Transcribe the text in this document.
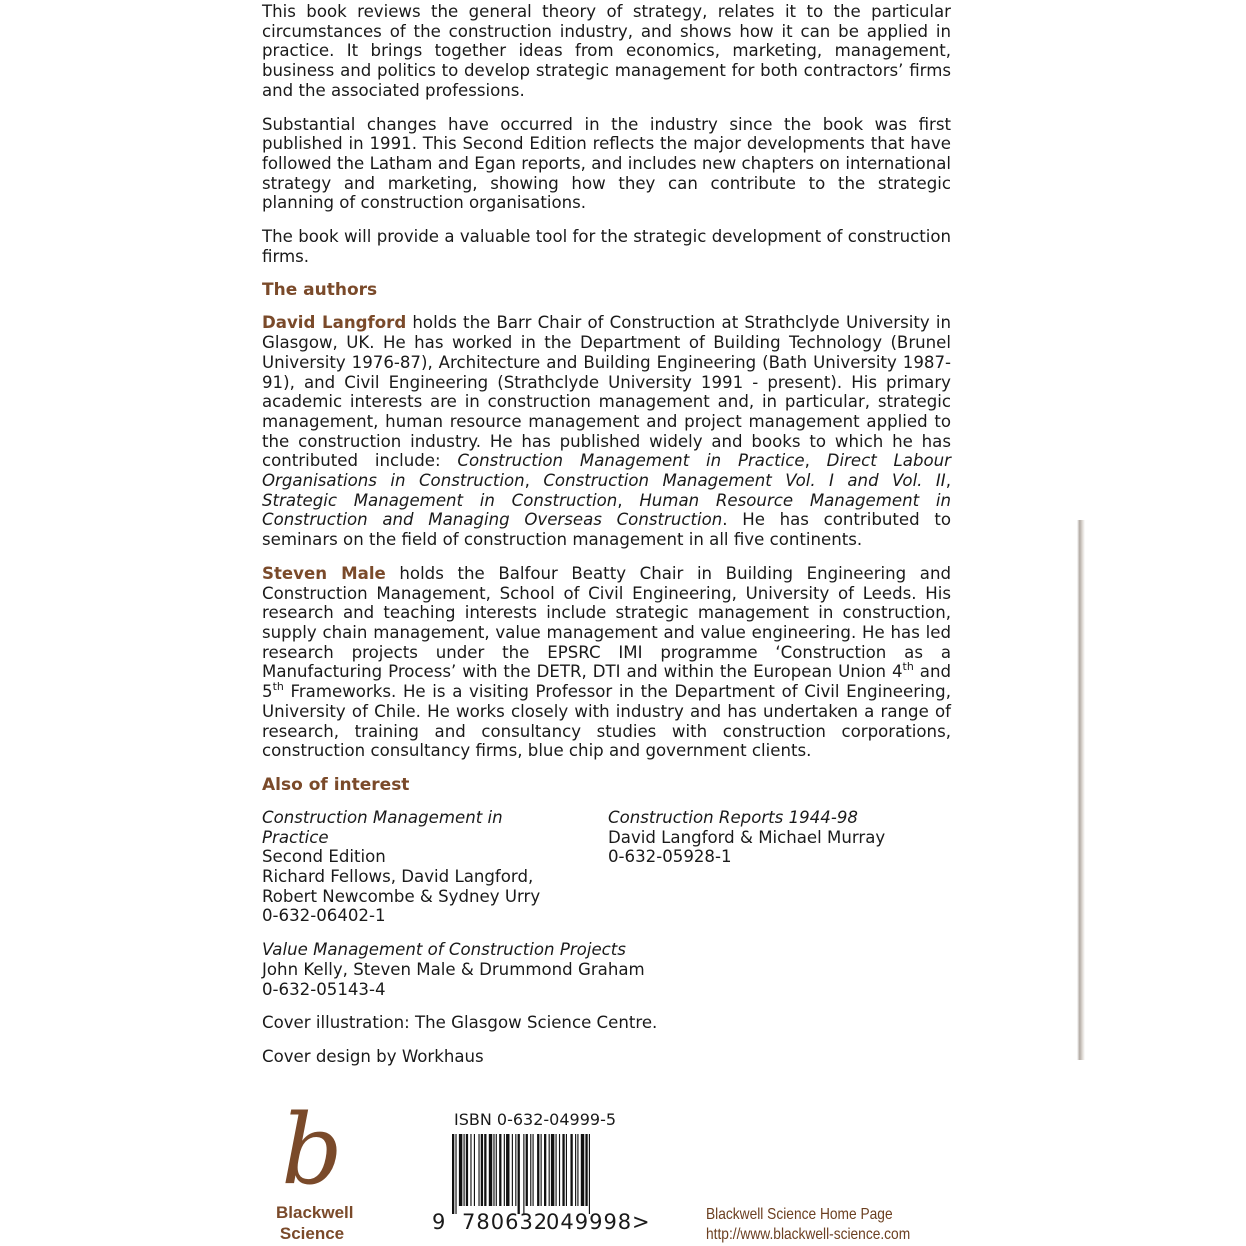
This book reviews the general theory of strategy, relates it to the particular circumstances of the construction industry, and shows how it can be applied in practice. It brings together ideas from economics, marketing, management, business and politics to develop strategic management for both contractors’ firms and the associated professions.

Substantial changes have occurred in the industry since the book was first published in 1991. This Second Edition reflects the major developments that have followed the Latham and Egan reports, and includes new chapters on international strategy and marketing, showing how they can contribute to the strategic planning of construction organisations.

The book will provide a valuable tool for the strategic development of construction firms.

The authors

David Langford holds the Barr Chair of Construction at Strathclyde University in Glasgow, UK. He has worked in the Department of Building Technology (Brunel University 1976-87), Architecture and Building Engineering (Bath University 1987-91), and Civil Engineering (Strathclyde University 1991 - present). His primary academic interests are in construction management and, in particular, strategic management, human resource management and project management applied to the construction industry. He has published widely and books to which he has contributed include: Construction Management in Practice, Direct Labour Organisations in Construction, Construction Management Vol. I and Vol. II, Strategic Management in Construction, Human Resource Management in Construction and Managing Overseas Construction. He has contributed to seminars on the field of construction management in all five continents.

Steven Male holds the Balfour Beatty Chair in Building Engineering and Construction Management, School of Civil Engineering, University of Leeds. His research and teaching interests include strategic management in construction, supply chain management, value management and value engineering. He has led research projects under the EPSRC IMI programme ‘Construction as a Manufacturing Process’ with the DETR, DTI and within the European Union 4th and 5th Frameworks. He is a visiting Professor in the Department of Civil Engineering, University of Chile. He works closely with industry and has undertaken a range of research, training and consultancy studies with construction corporations, construction consultancy firms, blue chip and government clients.

Also of interest
Construction Management in Practice
Second Edition
Richard Fellows, David Langford,
Robert Newcombe & Sydney Urry
0-632-06402-1
Construction Reports 1944-98
David Langford & Michael Murray
0-632-05928-1
Value Management of Construction Projects
John Kelly, Steven Male & Drummond Graham
0-632-05143-4

Cover illustration: The Glasgow Science Centre.

Cover design by Workhaus

b
Blackwell
Science
ISBN 0-632-04999-5
9 780632
049998 >	Blackwell Science Home Page
http://www.blackwell-science.com
